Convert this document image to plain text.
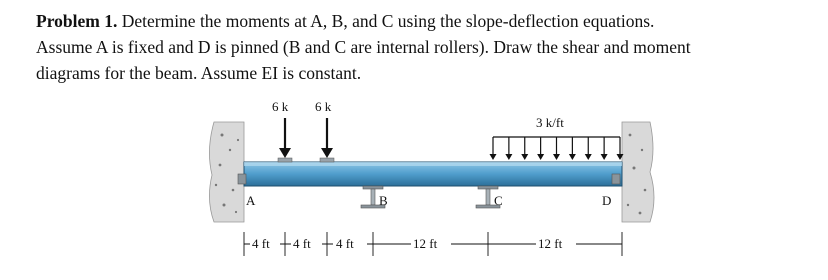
Problem 1. Determine the moments at A, B, and C using the slope-deflection equations.
Assume A is fixed and D is pinned (B and C are internal rollers). Draw the shear and moment
diagrams for the beam. Assume EI is constant.
B	C
A	D
6 k 6 k
3 k/ft
4 ft 4 ft 4 ft	12 ft	12 ft
